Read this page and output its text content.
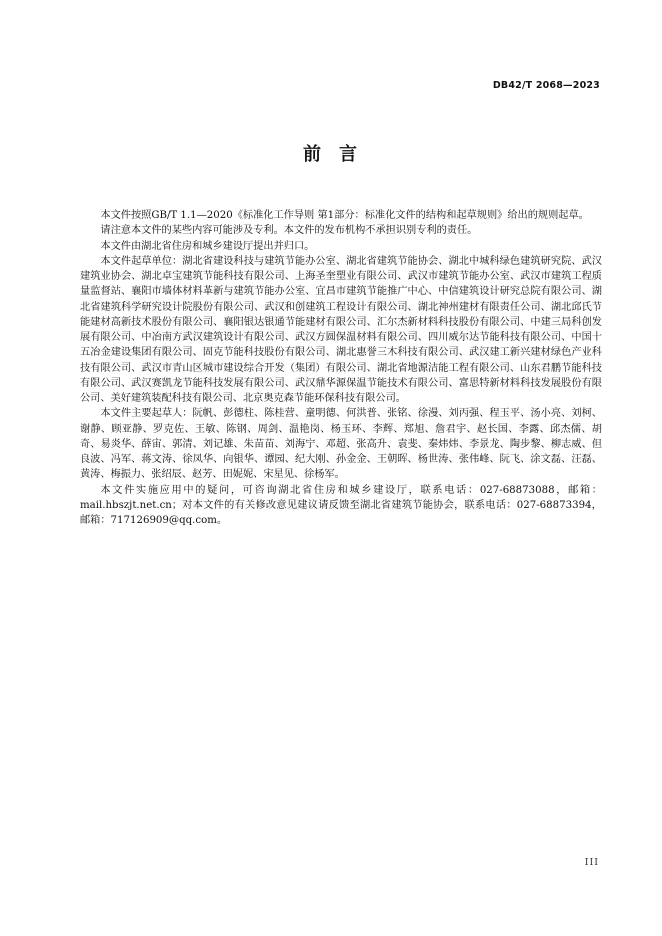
DB42/T 2068—2023
前 言

本文件按照GB/T 1.1—2020《标准化工作导则 第1部分：标准化文件的结构和起草规则》给出的规则起草。

请注意本文件的某些内容可能涉及专利。本文件的发布机构不承担识别专利的责任。

本文件由湖北省住房和城乡建设厅提出并归口。

本文件起草单位：湖北省建设科技与建筑节能办公室、湖北省建筑节能协会、湖北中城科绿色建筑研究院、武汉建筑业协会、湖北卓宝建筑节能科技有限公司、上海圣奎塑业有限公司、武汉市建筑节能办公室、武汉市建筑工程质量监督站、襄阳市墙体材料革新与建筑节能办公室、宜昌市建筑节能推广中心、中信建筑设计研究总院有限公司、湖北省建筑科学研究设计院股份有限公司、武汉和创建筑工程设计有限公司、湖北神州建材有限责任公司、湖北邱氏节能建材高新技术股份有限公司、襄阳银达银通节能建材有限公司、汇尔杰新材料科技股份有限公司、中建三局科创发展有限公司、中冶南方武汉建筑设计有限公司、武汉方圆保温材料有限公司、四川威尔达节能科技有限公司、中国十五冶金建设集团有限公司、固克节能科技股份有限公司、湖北惠誉三木科技有限公司、武汉建工新兴建材绿色产业科技有限公司、武汉市青山区城市建设综合开发（集团）有限公司、湖北省地源洁能工程有限公司、山东君鹏节能科技有限公司、武汉赛凯龙节能科技发展有限公司、武汉鼎华源保温节能技术有限公司、富思特新材料科技发展股份有限公司、美好建筑装配科技有限公司、北京奥克森节能环保科技有限公司。

本文件主要起草人：阮帆、彭德柱、陈桂营、童明德、何洪普、张铭、徐漫、刘丙强、程玉平、汤小亮、刘柯、谢静、顾亚静、罗克佐、王敏、陈钢、周剑、温艳岗、杨玉环、李辉、郑旭、詹君宇、赵长国、李露、邱杰儒、胡奇、易炎华、薛宙、郭清、刘记雄、朱苗苗、刘海宁、邓超、张高升、袁斐、秦炜炜、李景龙、陶步黎、柳志威、但良波、冯军、蒋文涛、徐凤华、向银华、谭园、纪大刚、孙金金、王朝晖、杨世涛、张伟峰、阮飞、涂文磊、汪磊、黄涛、梅振力、张绍辰、赵芳、田妮妮、宋星见、徐杨军。

本文件实施应用中的疑问，可咨询湖北省住房和城乡建设厅，联系电话：027-68873088，邮箱：mail.hbszjt.net.cn；对本文件的有关修改意见建议请反馈至湖北省建筑节能协会，联系电话：027-68873394，邮箱：717126909@qq.com。

III
